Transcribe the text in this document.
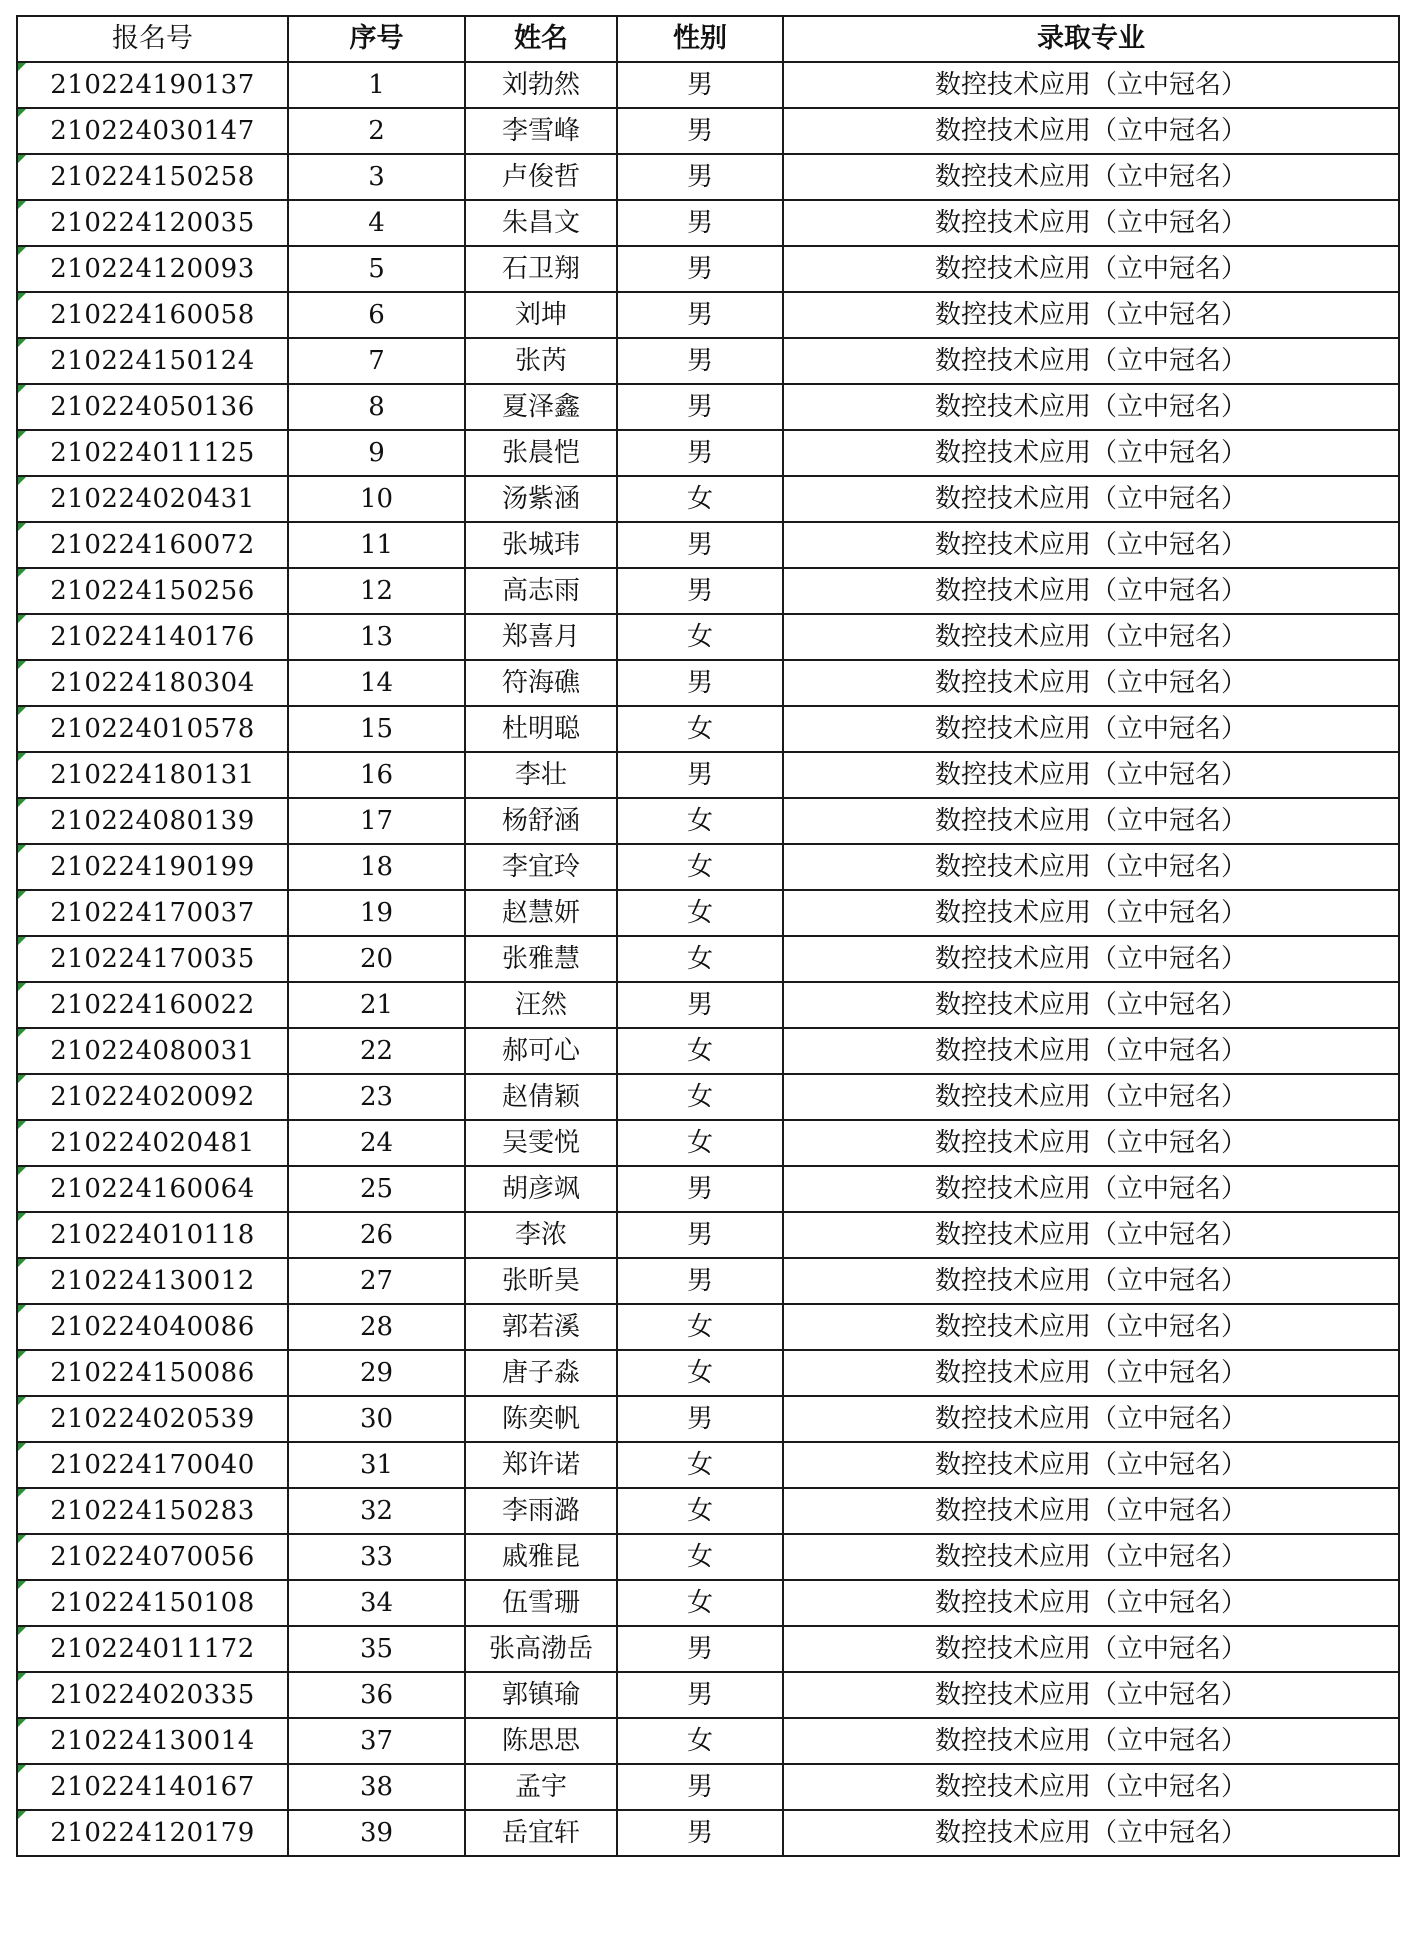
报名号	序号	姓名	性别	录取专业

210224190137	1	刘勃然	男	数控技术应用（立中冠名）

210224030147	2	李雪峰	男	数控技术应用（立中冠名）

210224150258	3	卢俊哲	男	数控技术应用（立中冠名）

210224120035	4	朱昌文	男	数控技术应用（立中冠名）

210224120093	5	石卫翔	男	数控技术应用（立中冠名）

210224160058	6	刘坤	男	数控技术应用（立中冠名）

210224150124	7	张芮	男	数控技术应用（立中冠名）

210224050136	8	夏泽鑫	男	数控技术应用（立中冠名）

210224011125	9	张晨恺	男	数控技术应用（立中冠名）

210224020431	10	汤紫涵	女	数控技术应用（立中冠名）

210224160072	11	张城玮	男	数控技术应用（立中冠名）

210224150256	12	高志雨	男	数控技术应用（立中冠名）

210224140176	13	郑喜月	女	数控技术应用（立中冠名）

210224180304	14	符海礁	男	数控技术应用（立中冠名）

210224010578	15	杜明聪	女	数控技术应用（立中冠名）

210224180131	16	李壮	男	数控技术应用（立中冠名）

210224080139	17	杨舒涵	女	数控技术应用（立中冠名）

210224190199	18	李宜玲	女	数控技术应用（立中冠名）

210224170037	19	赵慧妍	女	数控技术应用（立中冠名）

210224170035	20	张雅慧	女	数控技术应用（立中冠名）

210224160022	21	汪然	男	数控技术应用（立中冠名）

210224080031	22	郝可心	女	数控技术应用（立中冠名）

210224020092	23	赵倩颖	女	数控技术应用（立中冠名）

210224020481	24	吴雯悦	女	数控技术应用（立中冠名）

210224160064	25	胡彦飒	男	数控技术应用（立中冠名）

210224010118	26	李浓	男	数控技术应用（立中冠名）

210224130012	27	张昕昊	男	数控技术应用（立中冠名）

210224040086	28	郭若溪	女	数控技术应用（立中冠名）

210224150086	29	唐子淼	女	数控技术应用（立中冠名）

210224020539	30	陈奕帆	男	数控技术应用（立中冠名）

210224170040	31	郑许诺	女	数控技术应用（立中冠名）

210224150283	32	李雨潞	女	数控技术应用（立中冠名）

210224070056	33	戚雅昆	女	数控技术应用（立中冠名）

210224150108	34	伍雪珊	女	数控技术应用（立中冠名）

210224011172	35	张高渤岳	男	数控技术应用（立中冠名）

210224020335	36	郭镇瑜	男	数控技术应用（立中冠名）

210224130014	37	陈思思	女	数控技术应用（立中冠名）

210224140167	38	孟宇	男	数控技术应用（立中冠名）

210224120179	39	岳宜轩	男	数控技术应用（立中冠名）
